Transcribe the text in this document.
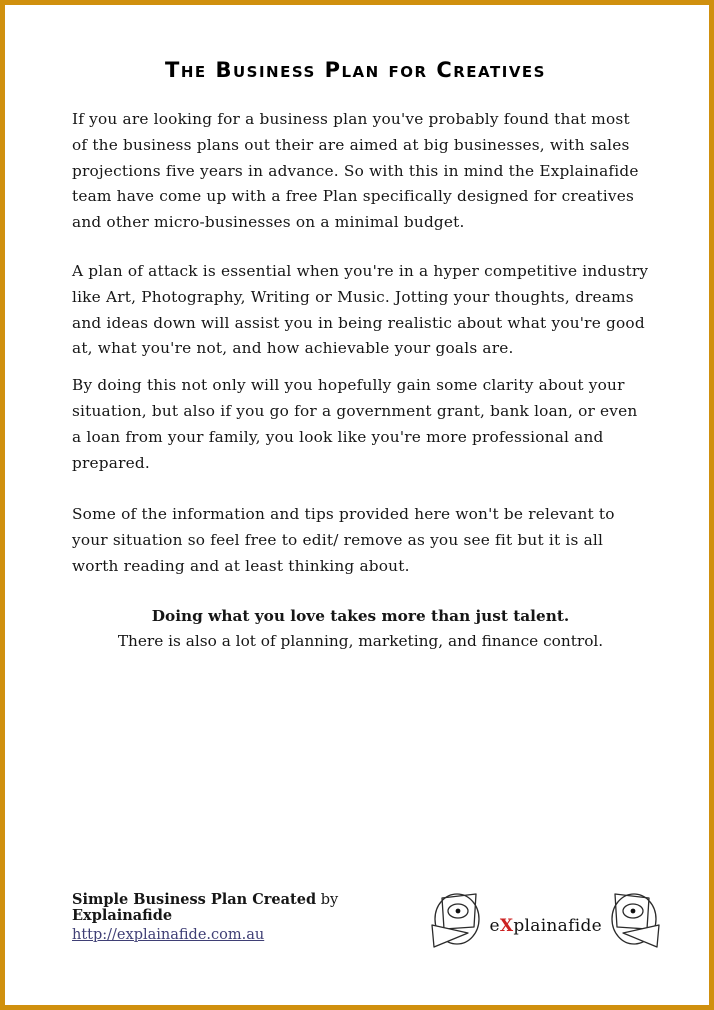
The Business Plan for Creatives

If you are looking for a business plan you've probably found that most of the business plans out their are aimed at big businesses, with sales projections five years in advance. So with this in mind the Explainafide team have come up with a free Plan specifically designed for creatives and other micro-businesses on a minimal budget.

A plan of attack is essential when you're in a hyper competitive industry like Art, Photography, Writing or Music. Jotting your thoughts, dreams and ideas down will assist you in being realistic about what you're good at, what you're not, and how achievable your goals are.

By doing this not only will you hopefully gain some clarity about your situation, but also if you go for a government grant, bank loan, or even a loan from your family, you look like you're more professional and prepared.

Some of the information and tips provided here won't be relevant to your situation so feel free to edit/ remove as you see fit but it is all worth reading and at least thinking about.

Doing what you love takes more than just talent.

There is also a lot of planning, marketing, and finance control.

Simple Business Plan Created by Explainafide
http://explainafide.com.au	eXplainafide
